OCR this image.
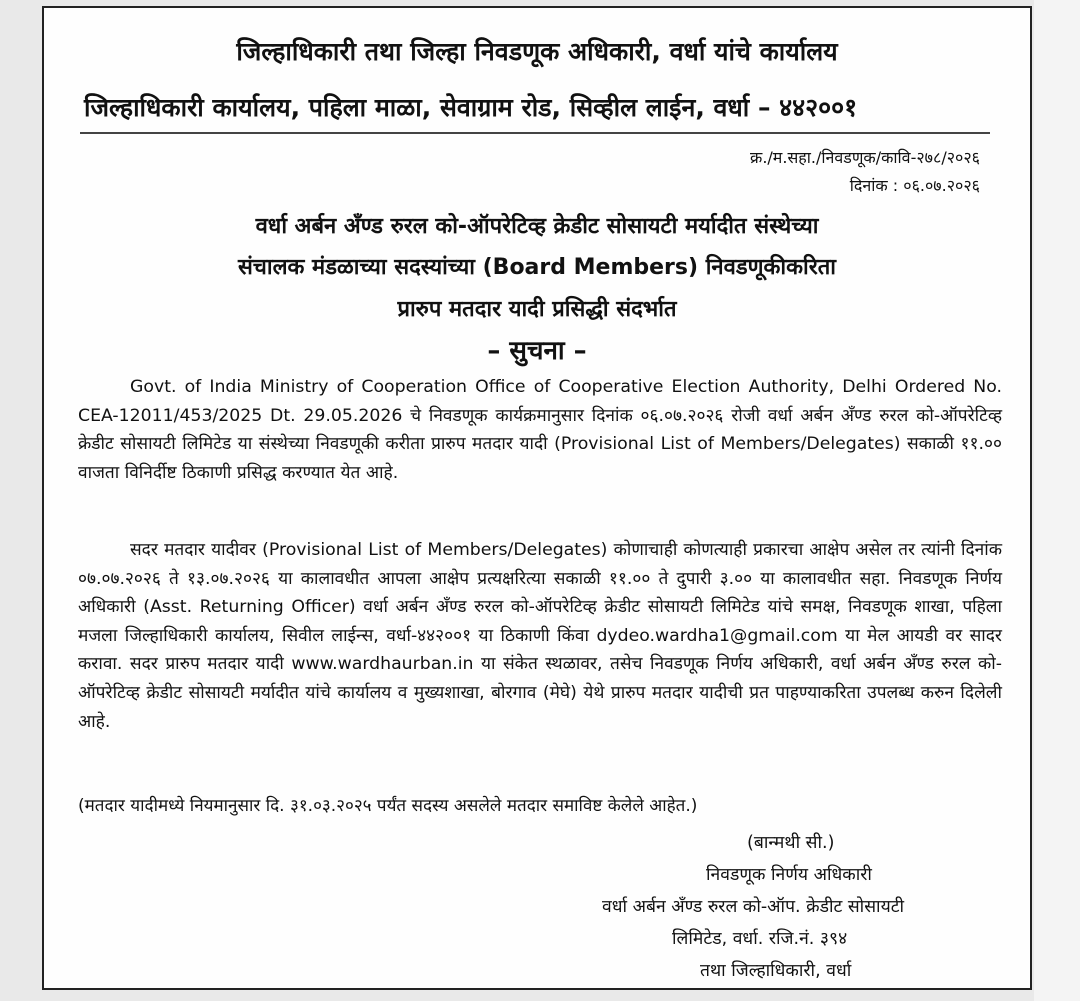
जिल्हाधिकारी तथा जिल्हा निवडणूक अधिकारी, वर्धा यांचे कार्यालय
जिल्हाधिकारी कार्यालय, पहिला माळा, सेवाग्राम रोड, सिव्हील लाईन, वर्धा – ४४२००१
क्र./म.सहा./निवडणूक/कावि-२७८/२०२६
दिनांक : ०६.०७.२०२६
वर्धा अर्बन अँण्ड रुरल को-ऑपरेटिव्ह क्रेडीट सोसायटी मर्यादीत संस्थेच्या
संचालक मंडळाच्या सदस्यांच्या (Board Members) निवडणूकीकरिता
प्रारुप मतदार यादी प्रसिद्धी संदर्भात
– सुचना –
Govt. of India Ministry of Cooperation Office of Cooperative Election Authority, Delhi Ordered No. CEA-12011/453/2025 Dt. 29.05.2026 चे निवडणूक कार्यक्रमानुसार दिनांक ०६.०७.२०२६ रोजी वर्धा अर्बन अँण्ड रुरल को-ऑपरेटिव्ह क्रेडीट सोसायटी लिमिटेड या संस्थेच्या निवडणूकी करीता प्रारुप मतदार यादी (Provisional List of Members/Delegates) सकाळी ११.०० वाजता विनिर्दीष्ट ठिकाणी प्रसिद्ध करण्यात येत आहे.
सदर मतदार यादीवर (Provisional List of Members/Delegates) कोणाचाही कोणत्याही प्रकारचा आक्षेप असेल तर त्यांनी दिनांक ०७.०७.२०२६ ते १३.०७.२०२६ या कालावधीत आपला आक्षेप प्रत्यक्षरित्या सकाळी ११.०० ते दुपारी ३.०० या कालावधीत सहा. निवडणूक निर्णय अधिकारी (Asst. Returning Officer) वर्धा अर्बन अँण्ड रुरल को-ऑपरेटिव्ह क्रेडीट सोसायटी लिमिटेड यांचे समक्ष, निवडणूक शाखा, पहिला मजला जिल्हाधिकारी कार्यालय, सिवील लाईन्स, वर्धा-४४२००१ या ठिकाणी किंवा dydeo.wardha1@gmail.com या मेल आयडी वर सादर करावा. सदर प्रारुप मतदार यादी www.wardhaurban.in या संकेत स्थळावर, तसेच निवडणूक निर्णय अधिकारी, वर्धा अर्बन अँण्ड रुरल को-ऑपरेटिव्ह क्रेडीट सोसायटी मर्यादीत यांचे कार्यालय व मुख्यशाखा, बोरगाव (मेघे) येथे प्रारुप मतदार यादीची प्रत पाहण्याकरिता उपलब्ध करुन दिलेली आहे.
(मतदार यादीमध्ये नियमानुसार दि. ३१.०३.२०२५ पर्यंत सदस्य असलेले मतदार समाविष्ट केलेले आहेत.)
(बान्मथी सी.)
निवडणूक निर्णय अधिकारी
वर्धा अर्बन अँण्ड रुरल को-ऑप. क्रेडीट सोसायटी
लिमिटेड, वर्धा. रजि.नं. ३९४
तथा जिल्हाधिकारी, वर्धा
